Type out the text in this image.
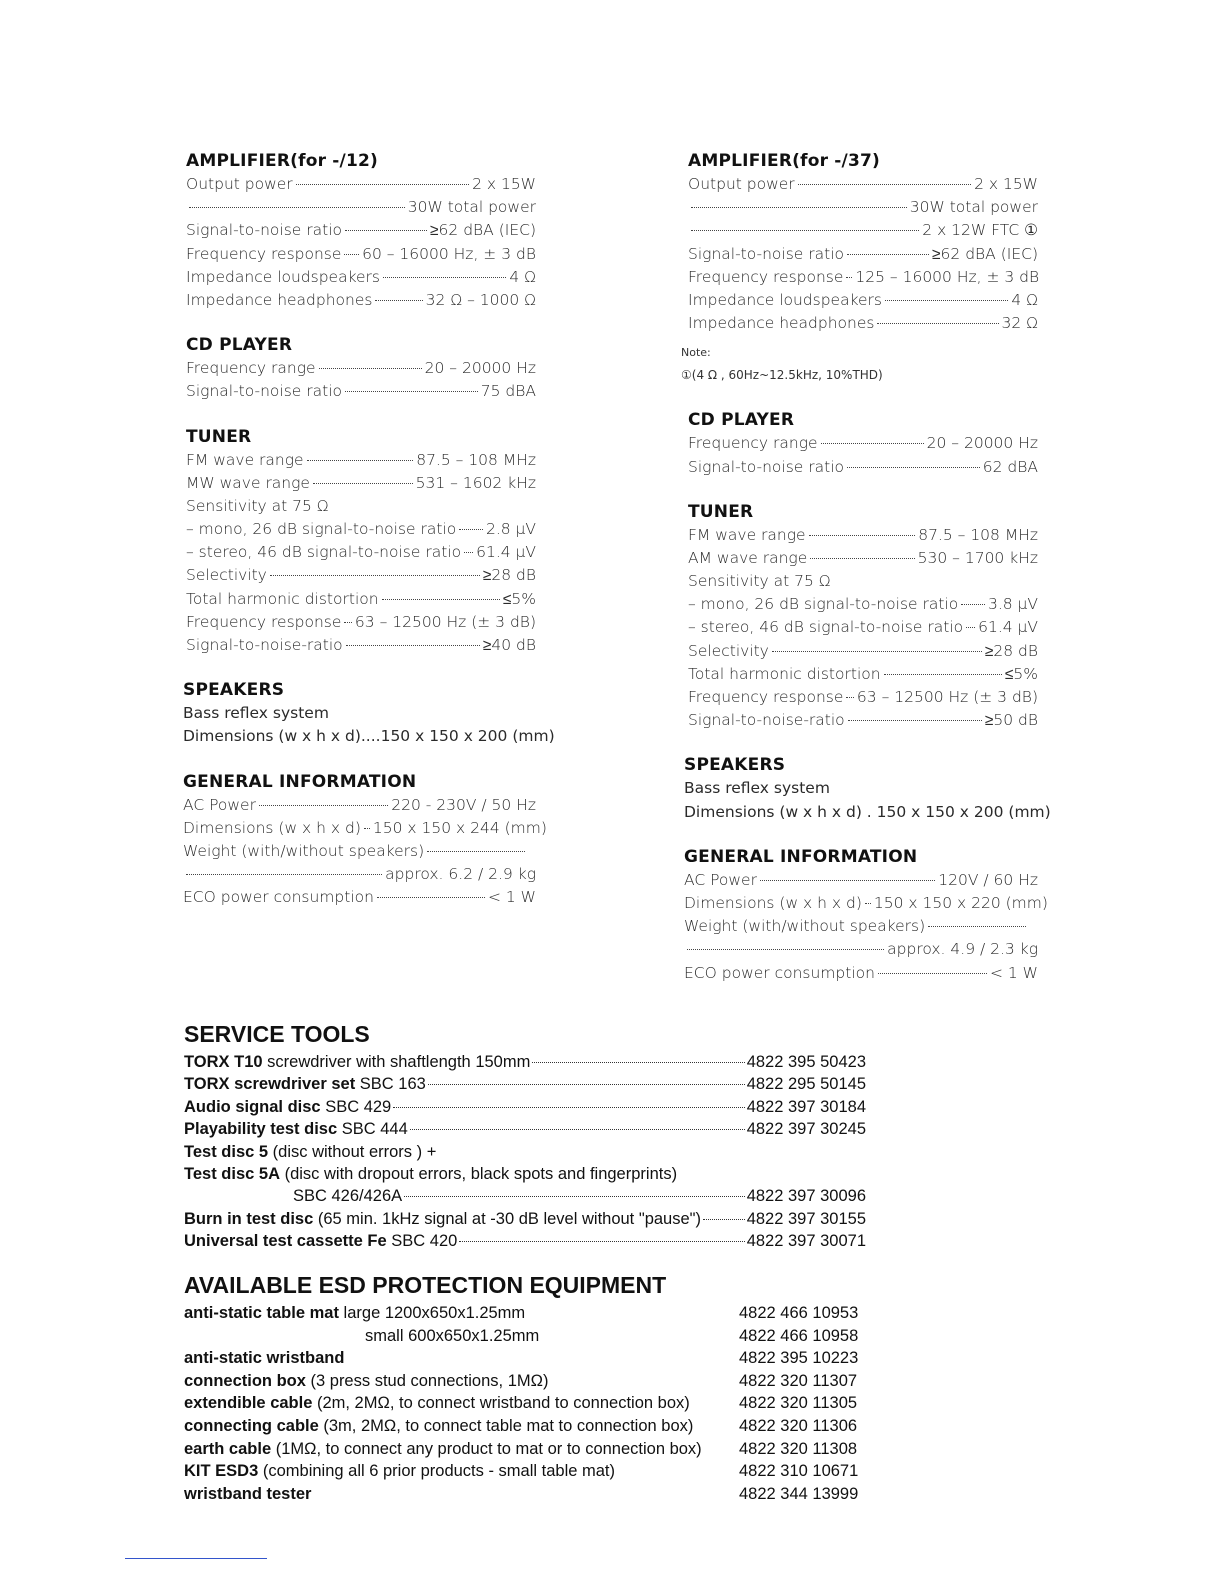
AMPLIFIER(for -/12)
Output power	2 x 15W
30W total power
Signal-to-noise ratio	≥62 dBA (IEC)
Frequency response 60 – 16000 Hz, ± 3 dB
Impedance loudspeakers	4 Ω
Impedance headphones	32 Ω – 1000 Ω
CD PLAYER
Frequency range	20 – 20000 Hz
Signal-to-noise ratio	75 dBA
TUNER
FM wave range	87.5 – 108 MHz
MW wave range	531 – 1602 kHz
Sensitivity at 75 Ω
– mono, 26 dB signal-to-noise ratio 2.8 μV
– stereo, 46 dB signal-to-noise ratio 61.4 μV
Selectivity	≥28 dB
Total harmonic distortion	≤5%
Frequency response 63 – 12500 Hz (± 3 dB)
Signal-to-noise-ratio	≥40 dB
SPEAKERS
Bass reflex system
Dimensions (w x h x d)....150 x 150 x 200 (mm)
GENERAL INFORMATION
AC Power	220 - 230V / 50 Hz
Dimensions (w x h x d) 150 x 150 x 244 (mm)
Weight (with/without speakers)
approx. 6.2 / 2.9 kg
ECO power consumption	< 1 W
AMPLIFIER(for -/37)
Output power	2 x 15W
30W total power
2 x 12W FTC ①
Signal-to-noise ratio	≥62 dBA (IEC)
Frequency response 125 – 16000 Hz, ± 3 dB
Impedance loudspeakers	4 Ω
Impedance headphones	32 Ω
Note:
①(4 Ω , 60Hz~12.5kHz, 10%THD)
CD PLAYER
Frequency range	20 – 20000 Hz
Signal-to-noise ratio	62 dBA
TUNER
FM wave range	87.5 – 108 MHz
AM wave range	530 – 1700 kHz
Sensitivity at 75 Ω
– mono, 26 dB signal-to-noise ratio 3.8 μV
– stereo, 46 dB signal-to-noise ratio 61.4 μV
Selectivity	≥28 dB
Total harmonic distortion	≤5%
Frequency response 63 – 12500 Hz (± 3 dB)
Signal-to-noise-ratio	≥50 dB
SPEAKERS
Bass reflex system
Dimensions (w x h x d) . 150 x 150 x 200 (mm)
GENERAL INFORMATION
AC Power	120V / 60 Hz
Dimensions (w x h x d) 150 x 150 x 220 (mm)
Weight (with/without speakers)
approx. 4.9 / 2.3 kg
ECO power consumption	< 1 W
SERVICE TOOLS
TORX T10 screwdriver with shaftlength 150mm	4822 395 50423
TORX screwdriver set SBC 163	4822 295 50145
Audio signal disc SBC 429	4822 397 30184
Playability test disc SBC 444	4822 397 30245
Test disc 5 (disc without errors ) +
Test disc 5A (disc with dropout errors, black spots and fingerprints)
SBC 426/426A	4822 397 30096
Burn in test disc (65 min. 1kHz signal at -30 dB level without "pause")	4822 397 30155
Universal test cassette Fe SBC 420	4822 397 30071
AVAILABLE ESD PROTECTION EQUIPMENT
anti-static table mat large 1200x650x1.25mm	4822 466 10953
small 600x650x1.25mm	4822 466 10958
anti-static wristband	4822 395 10223
connection box (3 press stud connections, 1MΩ)	4822 320 11307
extendible cable (2m, 2MΩ, to connect wristband to connection box)	4822 320 11305
connecting cable (3m, 2MΩ, to connect table mat to connection box)	4822 320 11306
earth cable (1MΩ, to connect any product to mat or to connection box)	4822 320 11308
KIT ESD3 (combining all 6 prior products - small table mat)	4822 310 10671
wristband tester	4822 344 13999
